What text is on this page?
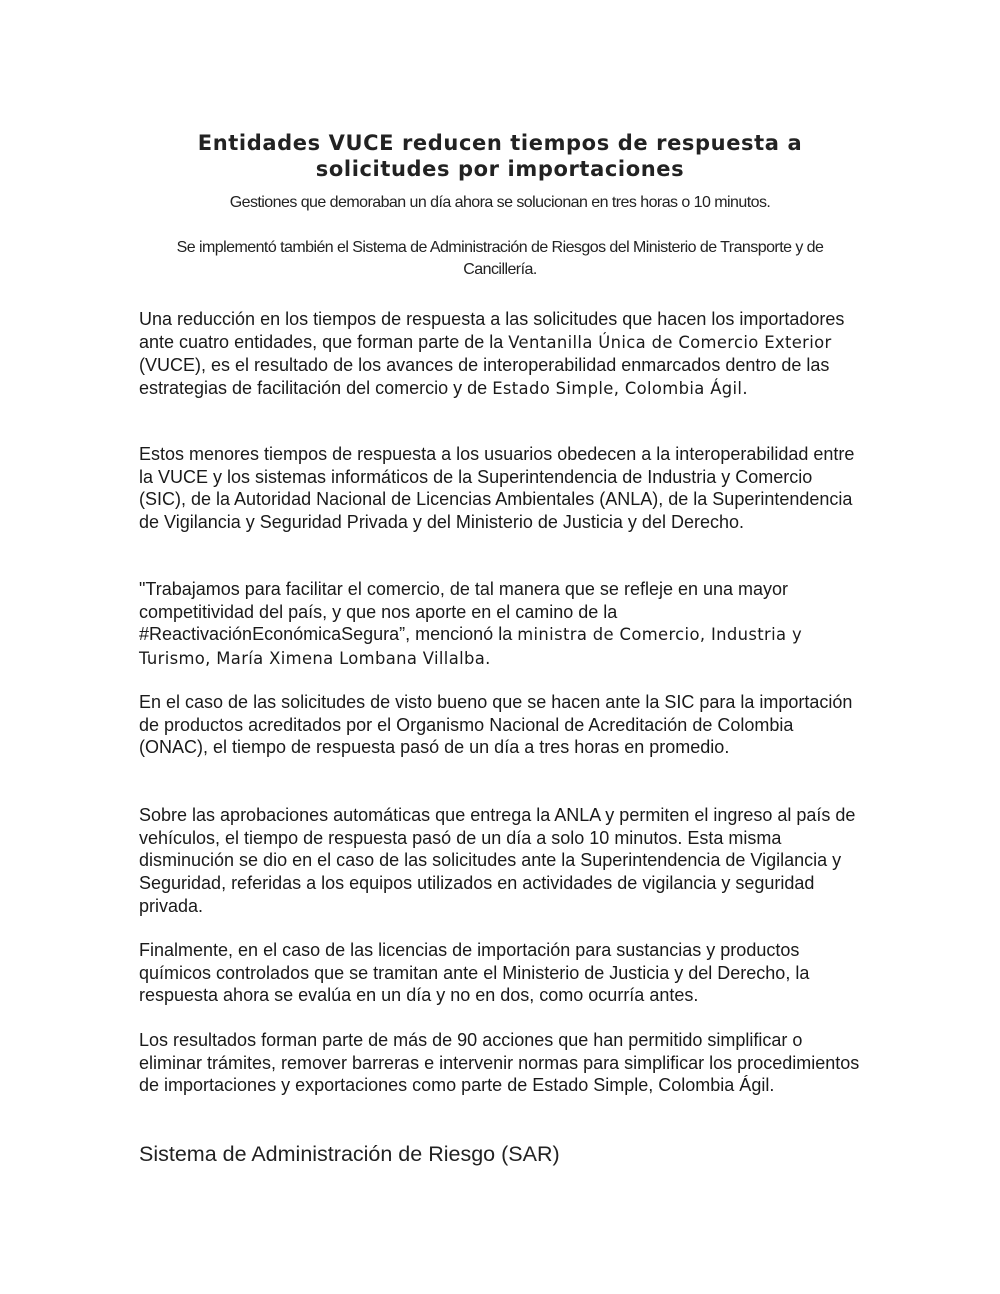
Entidades VUCE reducen tiempos de respuesta a solicitudes por importaciones
Gestiones que demoraban un día ahora se solucionan en tres horas o 10 minutos.
Se implementó también el Sistema de Administración de Riesgos del Ministerio de Transporte y de Cancillería.

Una reducción en los tiempos de respuesta a las solicitudes que hacen los importadores ante cuatro entidades, que forman parte de la Ventanilla Única de Comercio Exterior (VUCE), es el resultado de los avances de interoperabilidad enmarcados dentro de las estrategias de facilitación del comercio y de Estado Simple, Colombia Ágil.

Estos menores tiempos de respuesta a los usuarios obedecen a la interoperabilidad entre la VUCE y los sistemas informáticos de la Superintendencia de Industria y Comercio (SIC), de la Autoridad Nacional de Licencias Ambientales (ANLA), de la Superintendencia de Vigilancia y Seguridad Privada y del Ministerio de Justicia y del Derecho.

"Trabajamos para facilitar el comercio, de tal manera que se refleje en una mayor competitividad del país, y que nos aporte en el camino de la #ReactivaciónEconómicaSegura”, mencionó la ministra de Comercio, Industria y Turismo, María Ximena Lombana Villalba.

En el caso de las solicitudes de visto bueno que se hacen ante la SIC para la importación de productos acreditados por el Organismo Nacional de Acreditación de Colombia (ONAC), el tiempo de respuesta pasó de un día a tres horas en promedio.

Sobre las aprobaciones automáticas que entrega la ANLA y permiten el ingreso al país de vehículos, el tiempo de respuesta pasó de un día a solo 10 minutos. Esta misma disminución se dio en el caso de las solicitudes ante la Superintendencia de Vigilancia y Seguridad, referidas a los equipos utilizados en actividades de vigilancia y seguridad privada.

Finalmente, en el caso de las licencias de importación para sustancias y productos químicos controlados que se tramitan ante el Ministerio de Justicia y del Derecho, la respuesta ahora se evalúa en un día y no en dos, como ocurría antes.

Los resultados forman parte de más de 90 acciones que han permitido simplificar o eliminar trámites, remover barreras e intervenir normas para simplificar los procedimientos de importaciones y exportaciones como parte de Estado Simple, Colombia Ágil.

Sistema de Administración de Riesgo (SAR)
